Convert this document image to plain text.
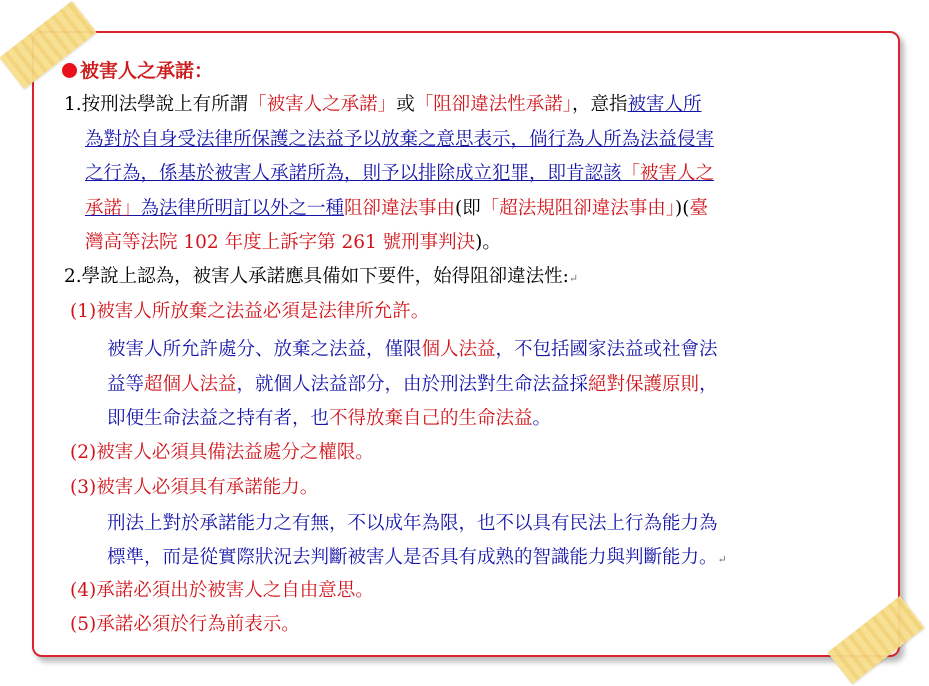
被害人之承諾：
1.按刑法學說上有所謂「被害人之承諾」或「阻卻違法性承諾」，意指被害人所
為對於自身受法律所保護之法益予以放棄之意思表示，倘行為人所為法益侵害
之行為，係基於被害人承諾所為，則予以排除成立犯罪，即肯認該「被害人之
承諾」為法律所明訂以外之一種阻卻違法事由(即「超法規阻卻違法事由」)(臺
灣高等法院 102 年度上訴字第 261 號刑事判決)。
2.學說上認為，被害人承諾應具備如下要件，始得阻卻違法性:↵
(1)被害人所放棄之法益必須是法律所允許。
被害人所允許處分、放棄之法益，僅限個人法益，不包括國家法益或社會法
益等超個人法益，就個人法益部分，由於刑法對生命法益採絕對保護原則，
即便生命法益之持有者，也不得放棄自己的生命法益。
(2)被害人必須具備法益處分之權限。
(3)被害人必須具有承諾能力。
刑法上對於承諾能力之有無，不以成年為限，也不以具有民法上行為能力為
標準，而是從實際狀況去判斷被害人是否具有成熟的智識能力與判斷能力。↵
(4)承諾必須出於被害人之自由意思。
(5)承諾必須於行為前表示。
